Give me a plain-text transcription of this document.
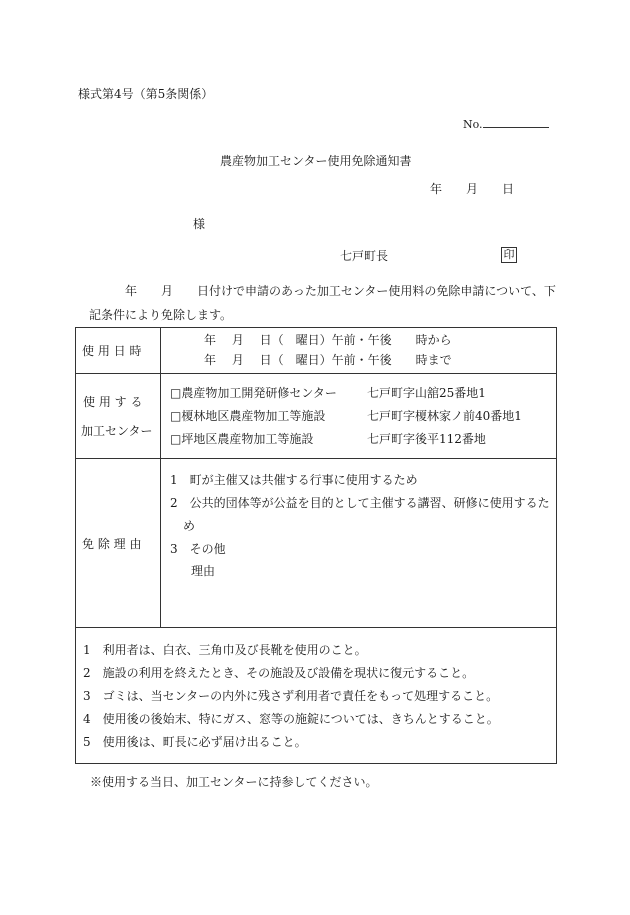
様式第4号（第5条関係）
No.
農産物加工センター使用免除通知書
年　　月　　日
様
七戸町長	印
年　　月　　日付けで申請のあった加工センター使用料の免除申請について、下
記条件により免除します。
使 用 日 時
年　 月 　日（　曜日）午前・午後　　時から
年　 月 　日（　曜日）午前・午後　　時まで
使 用 す る
加工センター
□農産物加工開発研修センター	七戸町字山舘25番地1
□榎林地区農産物加工等施設	七戸町字榎林家ノ前40番地1
□坪地区農産物加工等施設	七戸町字後平112番地
免 除 理 由
1　町が主催又は共催する行事に使用するため
2　公共的団体等が公益を目的として主催する講習、研修に使用するた
め
3　その他
理由
1　利用者は、白衣、三角巾及び長靴を使用のこと。
2　施設の利用を終えたとき、その施設及び設備を現状に復元すること。
3　ゴミは、当センターの内外に残さず利用者で責任をもって処理すること。
4　使用後の後始末、特にガス、窓等の施錠については、きちんとすること。
5　使用後は、町長に必ず届け出ること。
※使用する当日、加工センターに持参してください。
